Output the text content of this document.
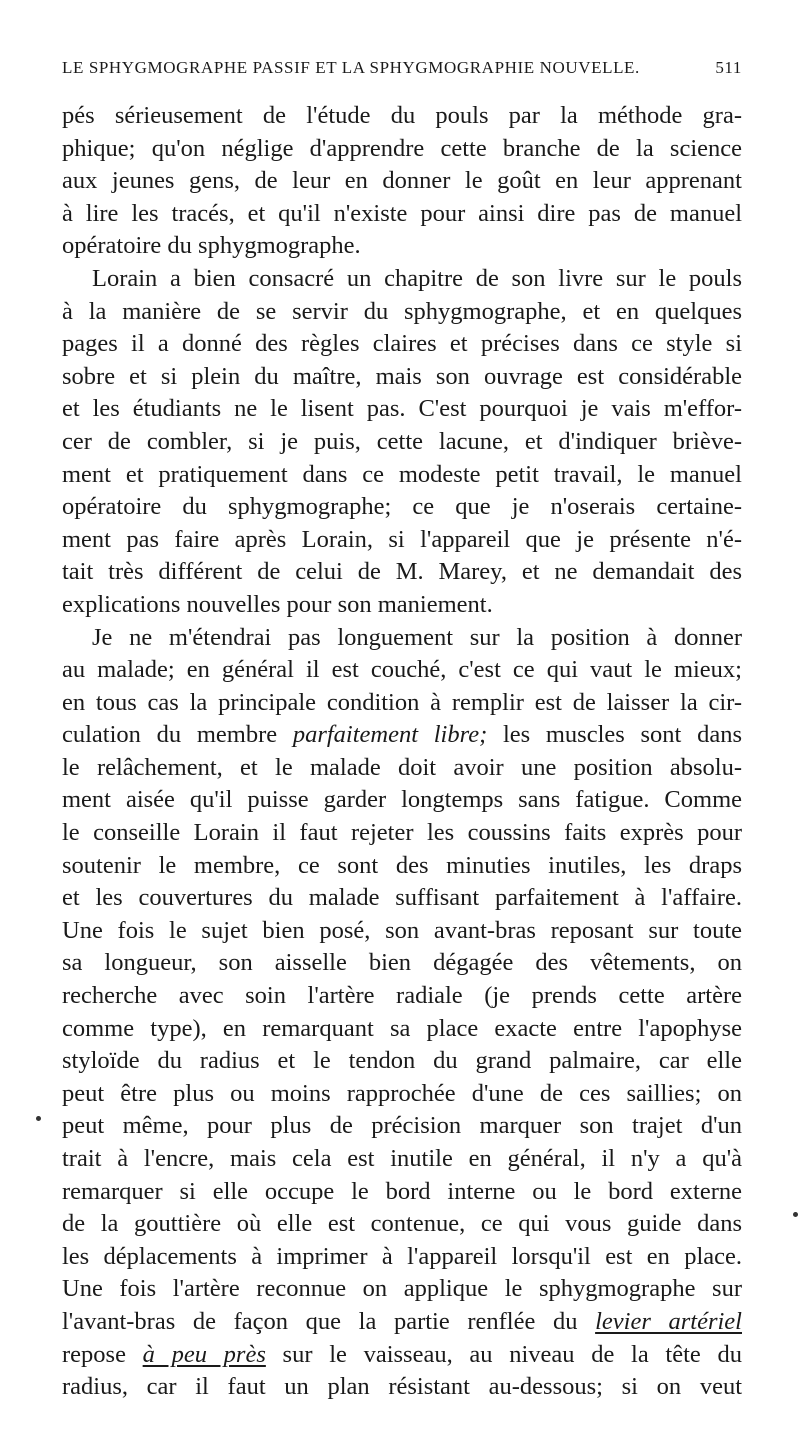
LE SPHYGMOGRAPHE PASSIF ET LA SPHYGMOGRAPHIE NOUVELLE.	511
pés sérieusement de l'étude du pouls par la méthode gra-
phique; qu'on néglige d'apprendre cette branche de la science
aux jeunes gens, de leur en donner le goût en leur apprenant
à lire les tracés, et qu'il n'existe pour ainsi dire pas de manuel
opératoire du sphygmographe.
Lorain a bien consacré un chapitre de son livre sur le pouls
à la manière de se servir du sphygmographe, et en quelques
pages il a donné des règles claires et précises dans ce style si
sobre et si plein du maître, mais son ouvrage est considérable
et les étudiants ne le lisent pas. C'est pourquoi je vais m'effor-
cer de combler, si je puis, cette lacune, et d'indiquer briève-
ment et pratiquement dans ce modeste petit travail, le manuel
opératoire du sphygmographe; ce que je n'oserais certaine-
ment pas faire après Lorain, si l'appareil que je présente n'é-
tait très différent de celui de M. Marey, et ne demandait des
explications nouvelles pour son maniement.
Je ne m'étendrai pas longuement sur la position à donner
au malade; en général il est couché, c'est ce qui vaut le mieux;
en tous cas la principale condition à remplir est de laisser la cir-
culation du membre parfaitement libre; les muscles sont dans
le relâchement, et le malade doit avoir une position absolu-
ment aisée qu'il puisse garder longtemps sans fatigue. Comme
le conseille Lorain il faut rejeter les coussins faits exprès pour
soutenir le membre, ce sont des minuties inutiles, les draps
et les couvertures du malade suffisant parfaitement à l'affaire.
Une fois le sujet bien posé, son avant-bras reposant sur toute
sa longueur, son aisselle bien dégagée des vêtements, on
recherche avec soin l'artère radiale (je prends cette artère
comme type), en remarquant sa place exacte entre l'apophyse
styloïde du radius et le tendon du grand palmaire, car elle
peut être plus ou moins rapprochée d'une de ces saillies; on
peut même, pour plus de précision marquer son trajet d'un
trait à l'encre, mais cela est inutile en général, il n'y a qu'à
remarquer si elle occupe le bord interne ou le bord externe
de la gouttière où elle est contenue, ce qui vous guide dans
les déplacements à imprimer à l'appareil lorsqu'il est en place.
Une fois l'artère reconnue on applique le sphygmographe sur
l'avant-bras de façon que la partie renflée du levier artériel
repose à peu près sur le vaisseau, au niveau de la tête du
radius, car il faut un plan résistant au-dessous; si on veut
